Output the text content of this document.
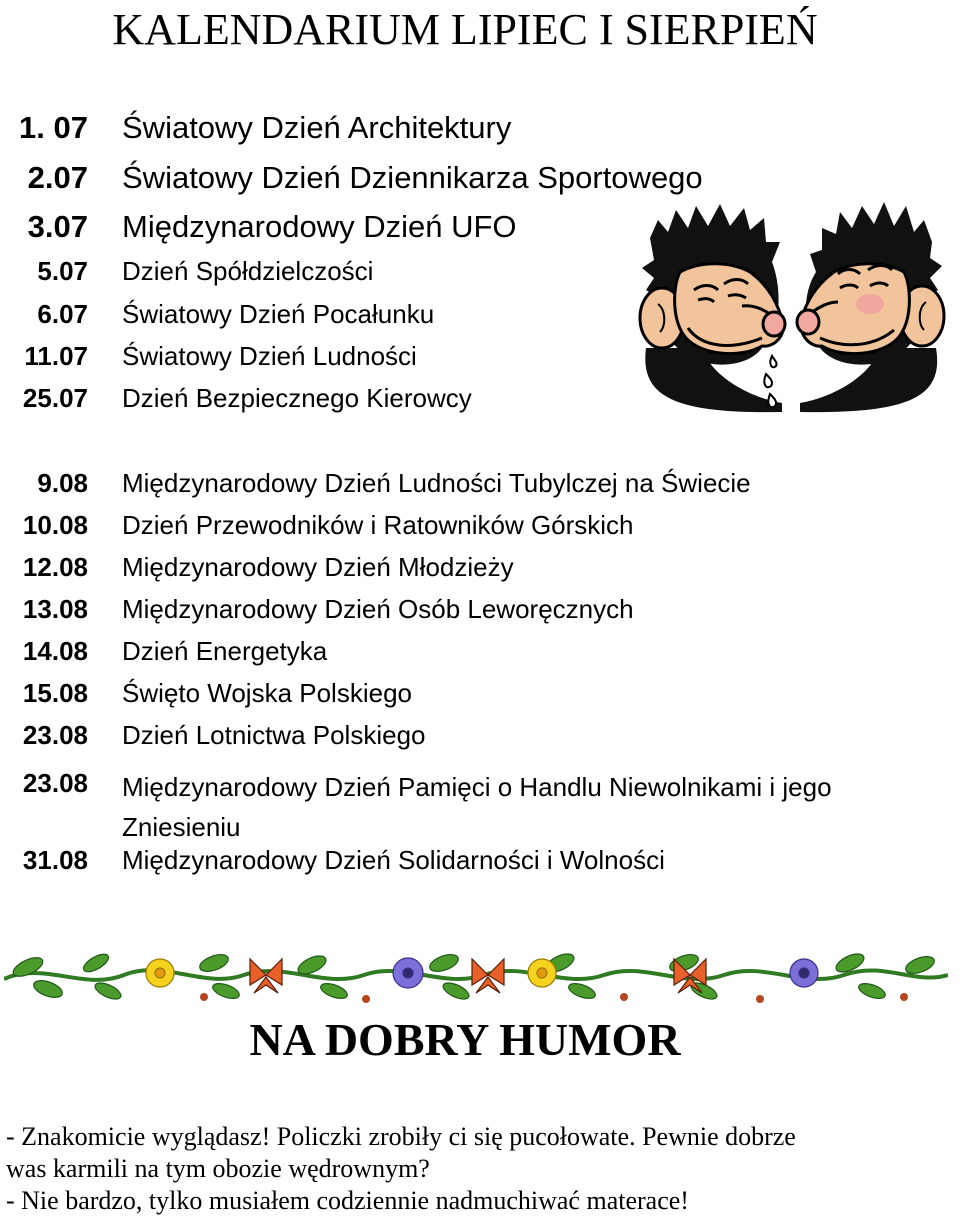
KALENDARIUM LIPIEC I SIERPIEŃ
1. 07 Światowy Dzień Architektury
2.07 Światowy Dzień Dziennikarza Sportowego
3.07 Międzynarodowy Dzień UFO
5.07 Dzień Spółdzielczości
6.07 Światowy Dzień Pocałunku
11.07 Światowy Dzień Ludności
25.07 Dzień Bezpiecznego Kierowcy
9.08 Międzynarodowy Dzień Ludności Tubylczej na Świecie
10.08 Dzień Przewodników i Ratowników Górskich
12.08 Międzynarodowy Dzień Młodzieży
13.08 Międzynarodowy Dzień Osób Leworęcznych
14.08 Dzień Energetyka
15.08 Święto Wojska Polskiego
23.08 Dzień Lotnictwa Polskiego
23.08 Międzynarodowy Dzień Pamięci o Handlu Niewolnikami i jego Zniesieniu
31.08 Międzynarodowy Dzień Solidarności i Wolności
NA DOBRY HUMOR
- Znakomicie wyglądasz! Policzki zrobiły ci się pucołowate. Pewnie dobrze
was karmili na tym obozie wędrownym?
- Nie bardzo, tylko musiałem codziennie nadmuchiwać materace!
